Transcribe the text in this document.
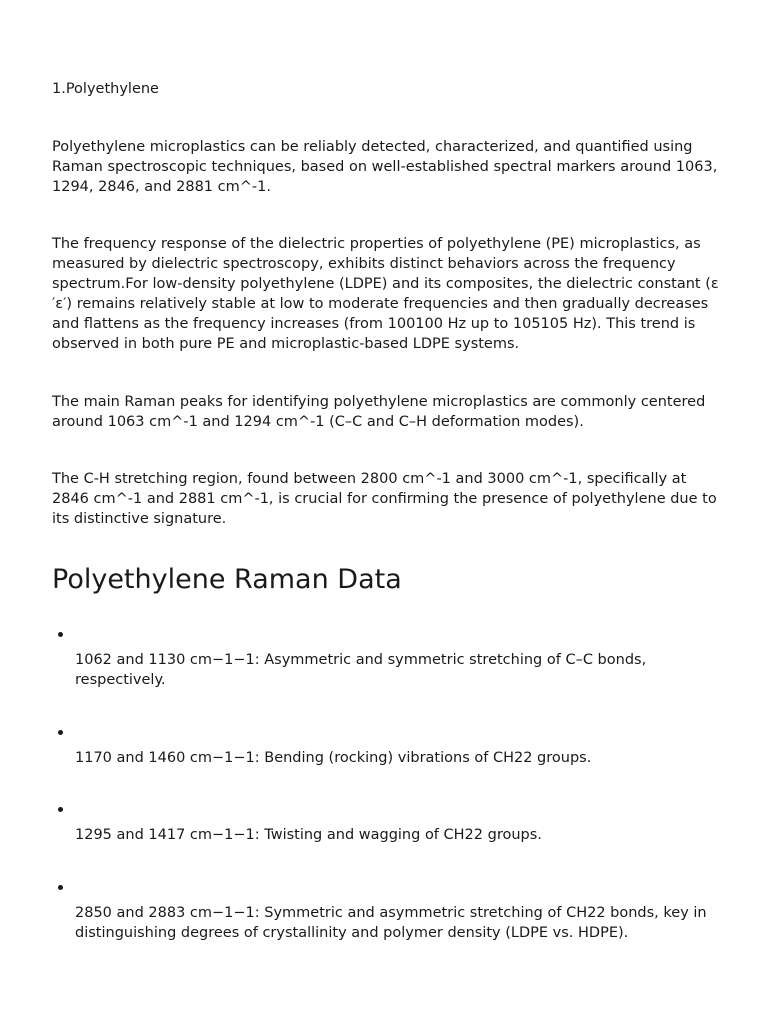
1.Polyethylene

Polyethylene microplastics can be reliably detected, characterized, and quantified using Raman spectroscopic techniques, based on well-established spectral markers around 1063, 1294, 2846, and 2881 cm^-1.

The frequency response of the dielectric properties of polyethylene (PE) microplastics, as measured by dielectric spectroscopy, exhibits distinct behaviors across the frequency spectrum.For low-density polyethylene (LDPE) and its composites, the dielectric constant (ε ′ε′) remains relatively stable at low to moderate frequencies and then gradually decreases and flattens as the frequency increases (from 100100 Hz up to 105105 Hz). This trend is observed in both pure PE and microplastic-based LDPE systems.

The main Raman peaks for identifying polyethylene microplastics are commonly centered around 1063 cm^-1 and 1294 cm^-1 (C–C and C–H deformation modes).

The C-H stretching region, found between 2800 cm^-1 and 3000 cm^-1, specifically at 2846 cm^-1 and 2881 cm^-1, is crucial for confirming the presence of polyethylene due to its distinctive signature.

Polyethylene Raman Data

1062 and 1130 cm−1−1: Asymmetric and symmetric stretching of C–C bonds, respectively.

1170 and 1460 cm−1−1: Bending (rocking) vibrations of CH22 groups.

1295 and 1417 cm−1−1: Twisting and wagging of CH22 groups.

2850 and 2883 cm−1−1: Symmetric and asymmetric stretching of CH22 bonds, key in distinguishing degrees of crystallinity and polymer density (LDPE vs. HDPE).
